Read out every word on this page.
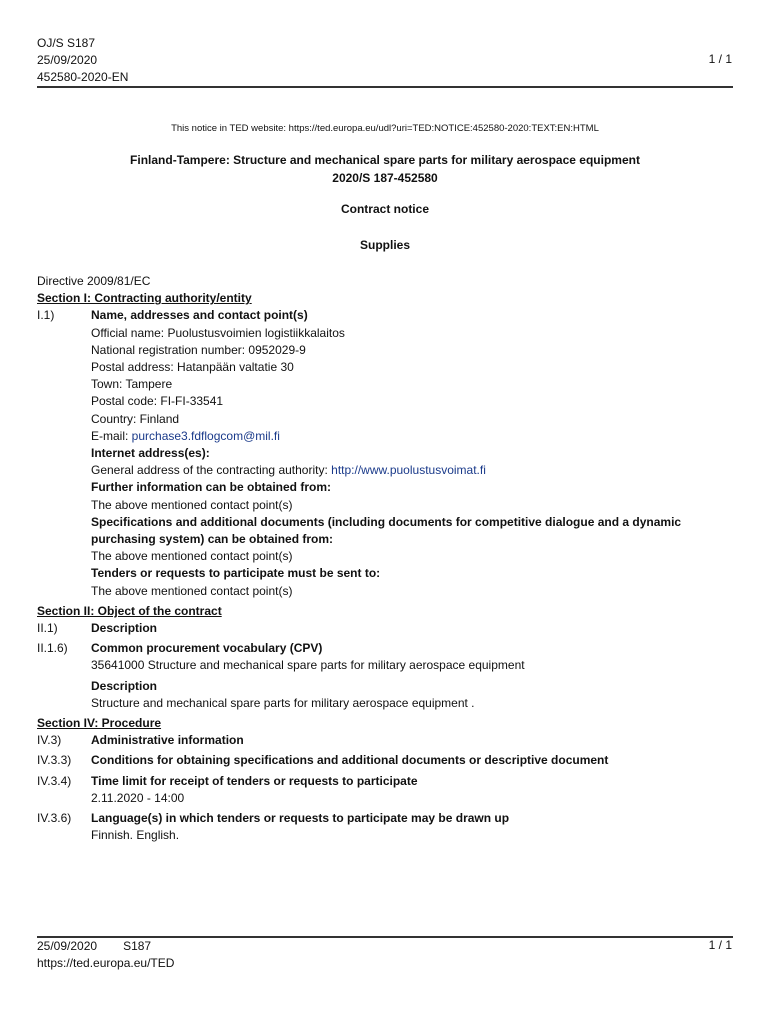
OJ/S S187
25/09/2020
452580-2020-EN
1 / 1
This notice in TED website: https://ted.europa.eu/udl?uri=TED:NOTICE:452580-2020:TEXT:EN:HTML
Finland-Tampere: Structure and mechanical spare parts for military aerospace equipment
2020/S 187-452580
Contract notice
Supplies
Directive 2009/81/EC
Section I: Contracting authority/entity
I.1)	Name, addresses and contact point(s)
Official name: Puolustusvoimien logistiikkalaitos
National registration number: 0952029-9
Postal address: Hatanpään valtatie 30
Town: Tampere
Postal code: FI-FI-33541
Country: Finland
E-mail: purchase3.fdflogcom@mil.fi
Internet address(es):
General address of the contracting authority: http://www.puolustusvoimat.fi
Further information can be obtained from:
The above mentioned contact point(s)
Specifications and additional documents (including documents for competitive dialogue and a dynamic
purchasing system) can be obtained from:
The above mentioned contact point(s)
Tenders or requests to participate must be sent to:
The above mentioned contact point(s)
Section II: Object of the contract
II.1)	Description
II.1.6)	Common procurement vocabulary (CPV)
35641000 Structure and mechanical spare parts for military aerospace equipment
Description
Structure and mechanical spare parts for military aerospace equipment .
Section IV: Procedure
IV.3)	Administrative information
IV.3.3)	Conditions for obtaining specifications and additional documents or descriptive document
IV.3.4)	Time limit for receipt of tenders or requests to participate
2.11.2020 - 14:00
IV.3.6)	Language(s) in which tenders or requests to participate may be drawn up
Finnish. English.
25/09/2020 S187
https://ted.europa.eu/TED
1 / 1
